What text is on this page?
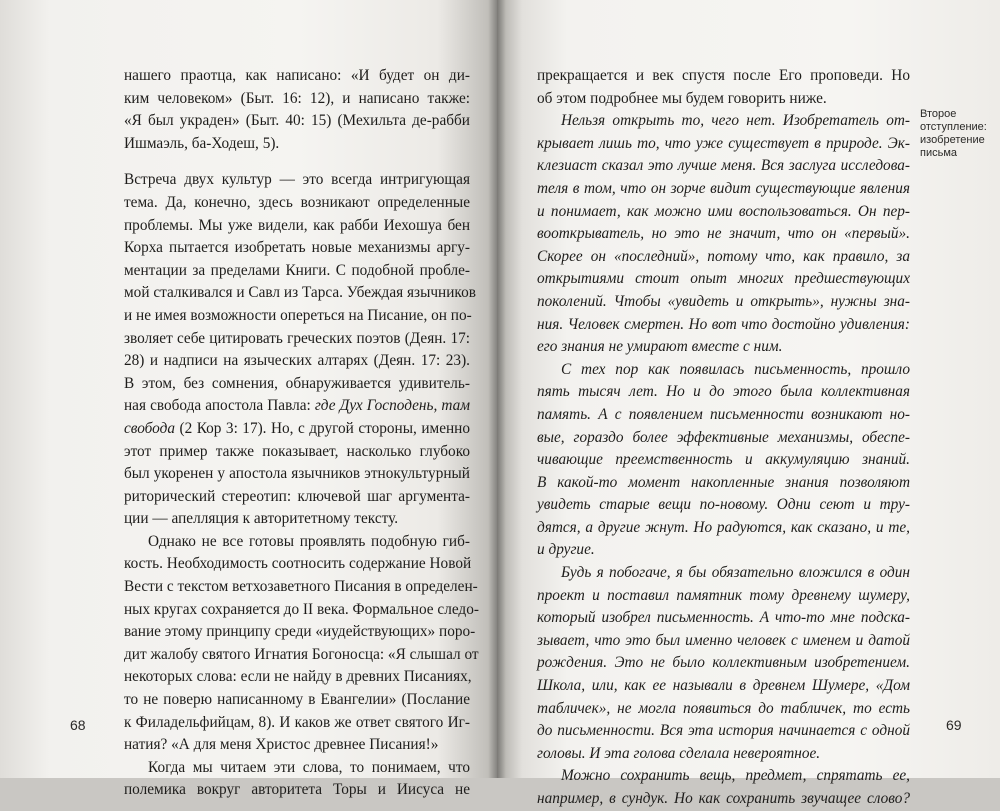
нашего праотца, как написано: «И будет он ди-
ким человеком» (Быт. 16: 12), и написано также:
«Я был украден» (Быт. 40: 15) (Мехильта де-рабби
Ишмаэль, ба-Ходеш, 5).
Встреча двух культур — это всегда интригующая
тема. Да, конечно, здесь возникают определенные
проблемы. Мы уже видели, как рабби Иехошуа бен
Корха пытается изобретать новые механизмы аргу-
ментации за пределами Книги. С подобной пробле-
мой сталкивался и Савл из Тарса. Убеждая язычников
и не имея возможности опереться на Писание, он по-
зволяет себе цитировать греческих поэтов (Деян. 17:
28) и надписи на языческих алтарях (Деян. 17: 23).
В этом, без сомнения, обнаруживается удивитель-
ная свобода апостола Павла: где Дух Господень, там
свобода (2 Кор 3: 17). Но, с другой стороны, именно
этот пример также показывает, насколько глубоко
был укоренен у апостола язычников этнокультурный
риторический стереотип: ключевой шаг аргумента-
ции — апелляция к авторитетному тексту.
Однако не все готовы проявлять подобную гиб-
кость. Необходимость соотносить содержание Новой
Вести с текстом ветхозаветного Писания в определен-
ных кругах сохраняется до II века. Формальное следо-
вание этому принципу среди «иудействующих» поро-
дит жалобу святого Игнатия Богоносца: «Я слышал от
некоторых слова: если не найду в древних Писаниях,
то не поверю написанному в Евангелии» (Послание
к Филадельфийцам, 8). И каков же ответ святого Иг-
натия? «А для меня Христос древнее Писания!»
Когда мы читаем эти слова, то понимаем, что
полемика вокруг авторитета Торы и Иисуса не
прекращается и век спустя после Его проповеди. Но
об этом подробнее мы будем говорить ниже.
Нельзя открыть то, чего нет. Изобретатель от-
крывает лишь то, что уже существует в природе. Эк-
клезиаст сказал это лучше меня. Вся заслуга исследова-
теля в том, что он зорче видит существующие явления
и понимает, как можно ими воспользоваться. Он пер-
вооткрыватель, но это не значит, что он «первый».
Скорее он «последний», потому что, как правило, за
открытиями стоит опыт многих предшествующих
поколений. Чтобы «увидеть и открыть», нужны зна-
ния. Человек смертен. Но вот что достойно удивления:
его знания не умирают вместе с ним.
С тех пор как появилась письменность, прошло
пять тысяч лет. Но и до этого была коллективная
память. А с появлением письменности возникают но-
вые, гораздо более эффективные механизмы, обеспе-
чивающие преемственность и аккумуляцию знаний.
В какой-то момент накопленные знания позволяют
увидеть старые вещи по-новому. Одни сеют и тру-
дятся, а другие жнут. Но радуются, как сказано, и те,
и другие.
Будь я побогаче, я бы обязательно вложился в один
проект и поставил памятник тому древнему шумеру,
который изобрел письменность. А что-то мне подска-
зывает, что это был именно человек с именем и датой
рождения. Это не было коллективным изобретением.
Школа, или, как ее называли в древнем Шумере, «Дом
табличек», не могла появиться до табличек, то есть
до письменности. Вся эта история начинается с одной
головы. И эта голова сделала невероятное.
Можно сохранить вещь, предмет, спрятать ее,
например, в сундук. Но как сохранить звучащее слово?
Второе
отступление:
изобретение
письма
68	69
